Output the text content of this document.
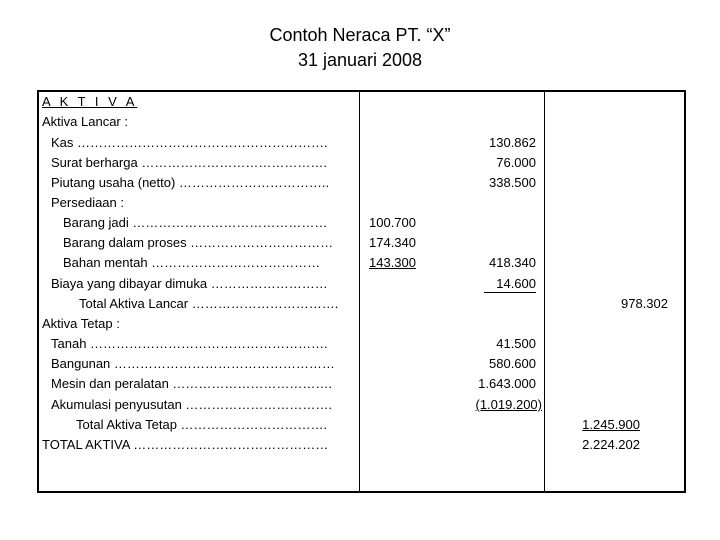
Contoh Neraca PT. “X”
31 januari 2008
A K T I V A
Aktiva Lancar :
Kas ………………………………………………….
Surat berharga …………………………………….
Piutang usaha (netto) ……………………………..
Persediaan :
Barang jadi ………………………………………
Barang dalam proses ……………………………
Bahan mentah …………………………………
Biaya yang dibayar dimuka ………………………
Total Aktiva Lancar …………………………….
Aktiva Tetap :
Tanah ……………………………………………….
Bangunan ……………………………………………
Mesin dan peralatan ……………………………….
Akumulasi penyusutan …………………………….
Total Aktiva Tetap …………………………….
TOTAL AKTIVA ………………………………………
100.700
174.340
143.300
130.862
76.000
338.500
418.340
14.600
41.500
580.600
1.643.000
(1.019.200)
978.302
1.245.900
2.224.202
